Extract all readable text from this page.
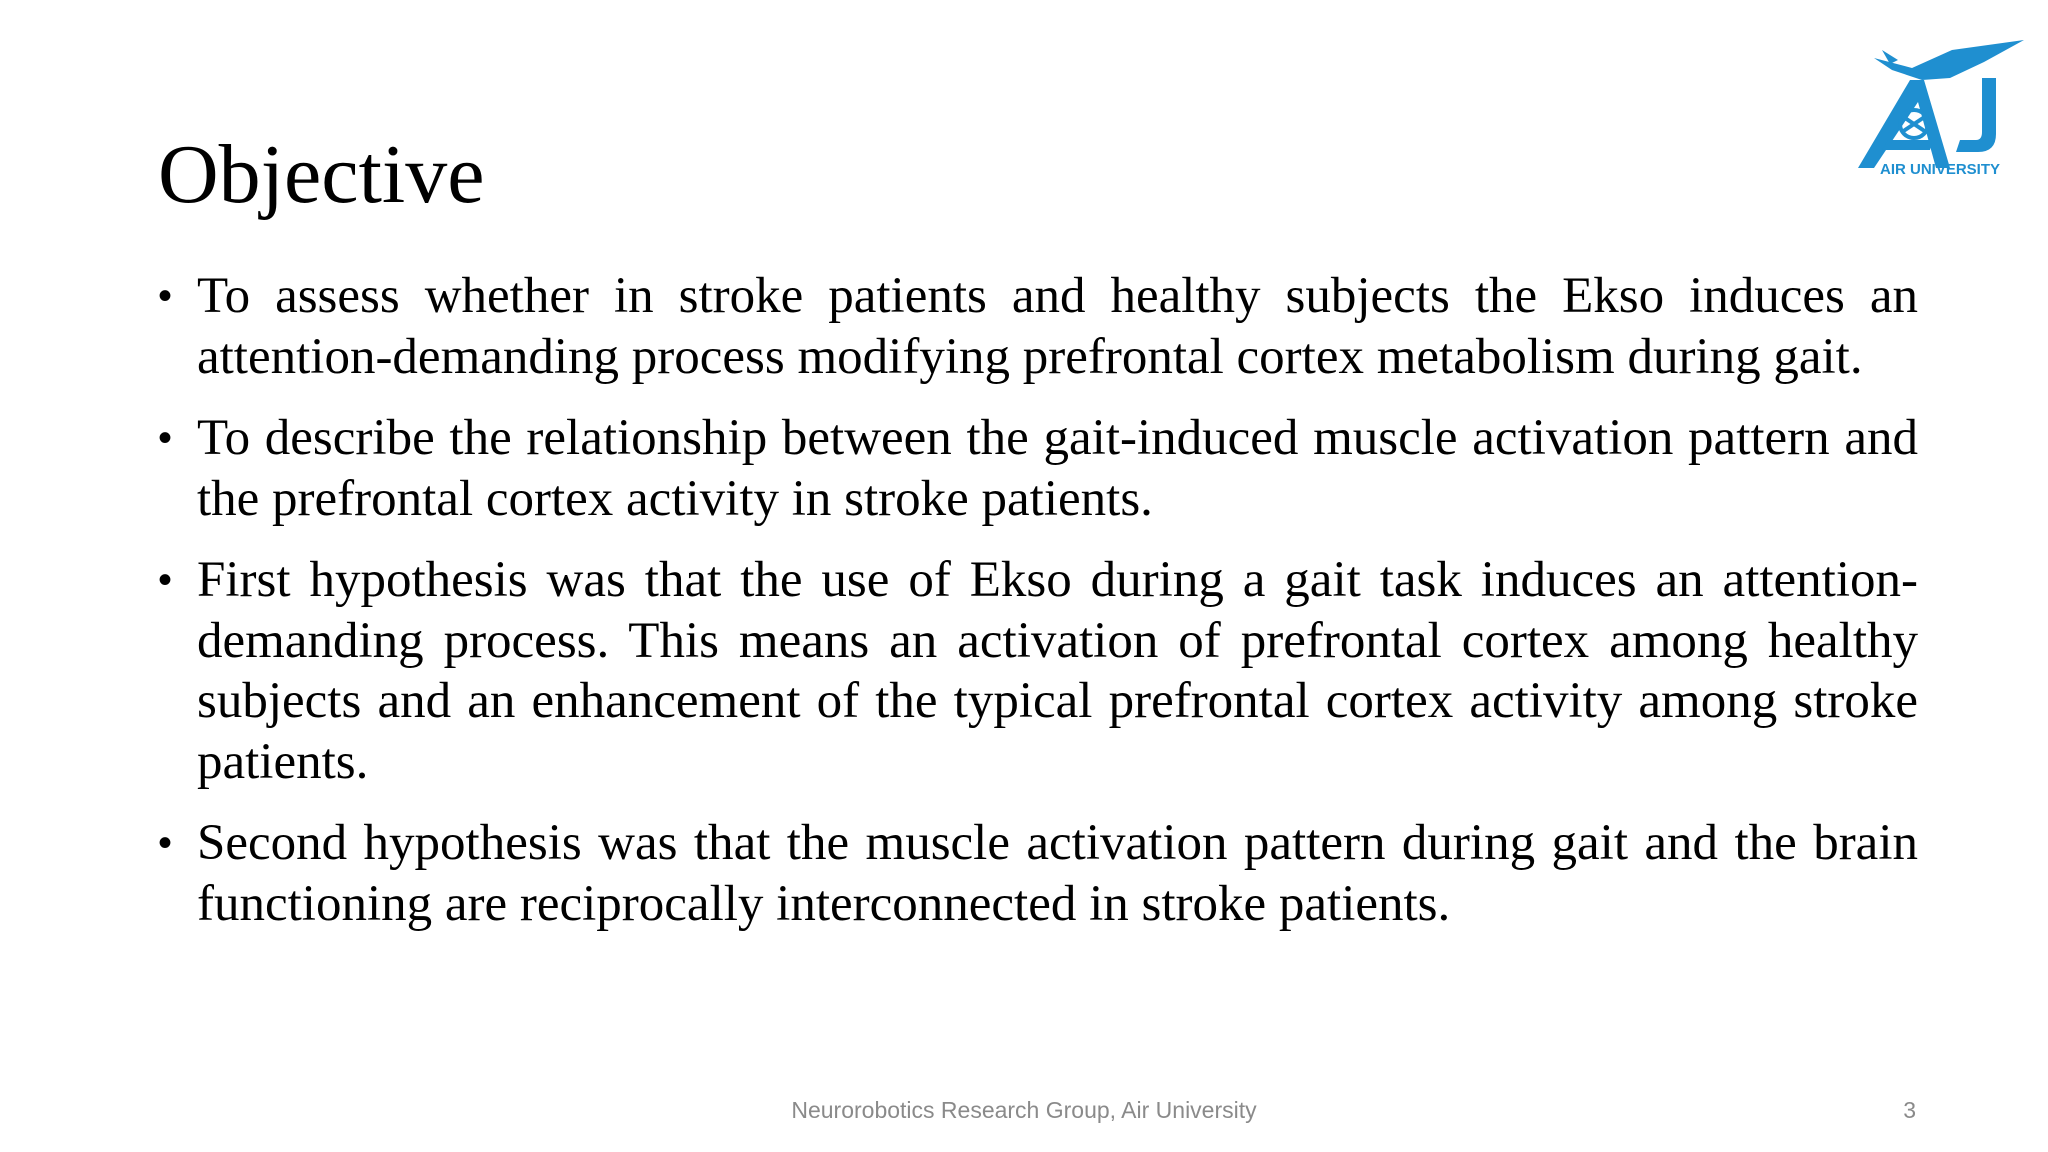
Objective	AIR UNIVERSITY
• To assess whether in stroke patients and healthy subjects the Ekso induces an attention-demanding process modifying prefrontal cortex metabolism during gait.
• To describe the relationship between the gait-induced muscle activation pattern and the prefrontal cortex activity in stroke patients.
• First hypothesis was that the use of Ekso during a gait task induces an attention-demanding process. This means an activation of prefrontal cortex among healthy subjects and an enhancement of the typical prefrontal cortex activity among stroke patients.
• Second hypothesis was that the muscle activation pattern during gait and the brain functioning are reciprocally interconnected in stroke patients.
Neurorobotics Research Group, Air University	3
